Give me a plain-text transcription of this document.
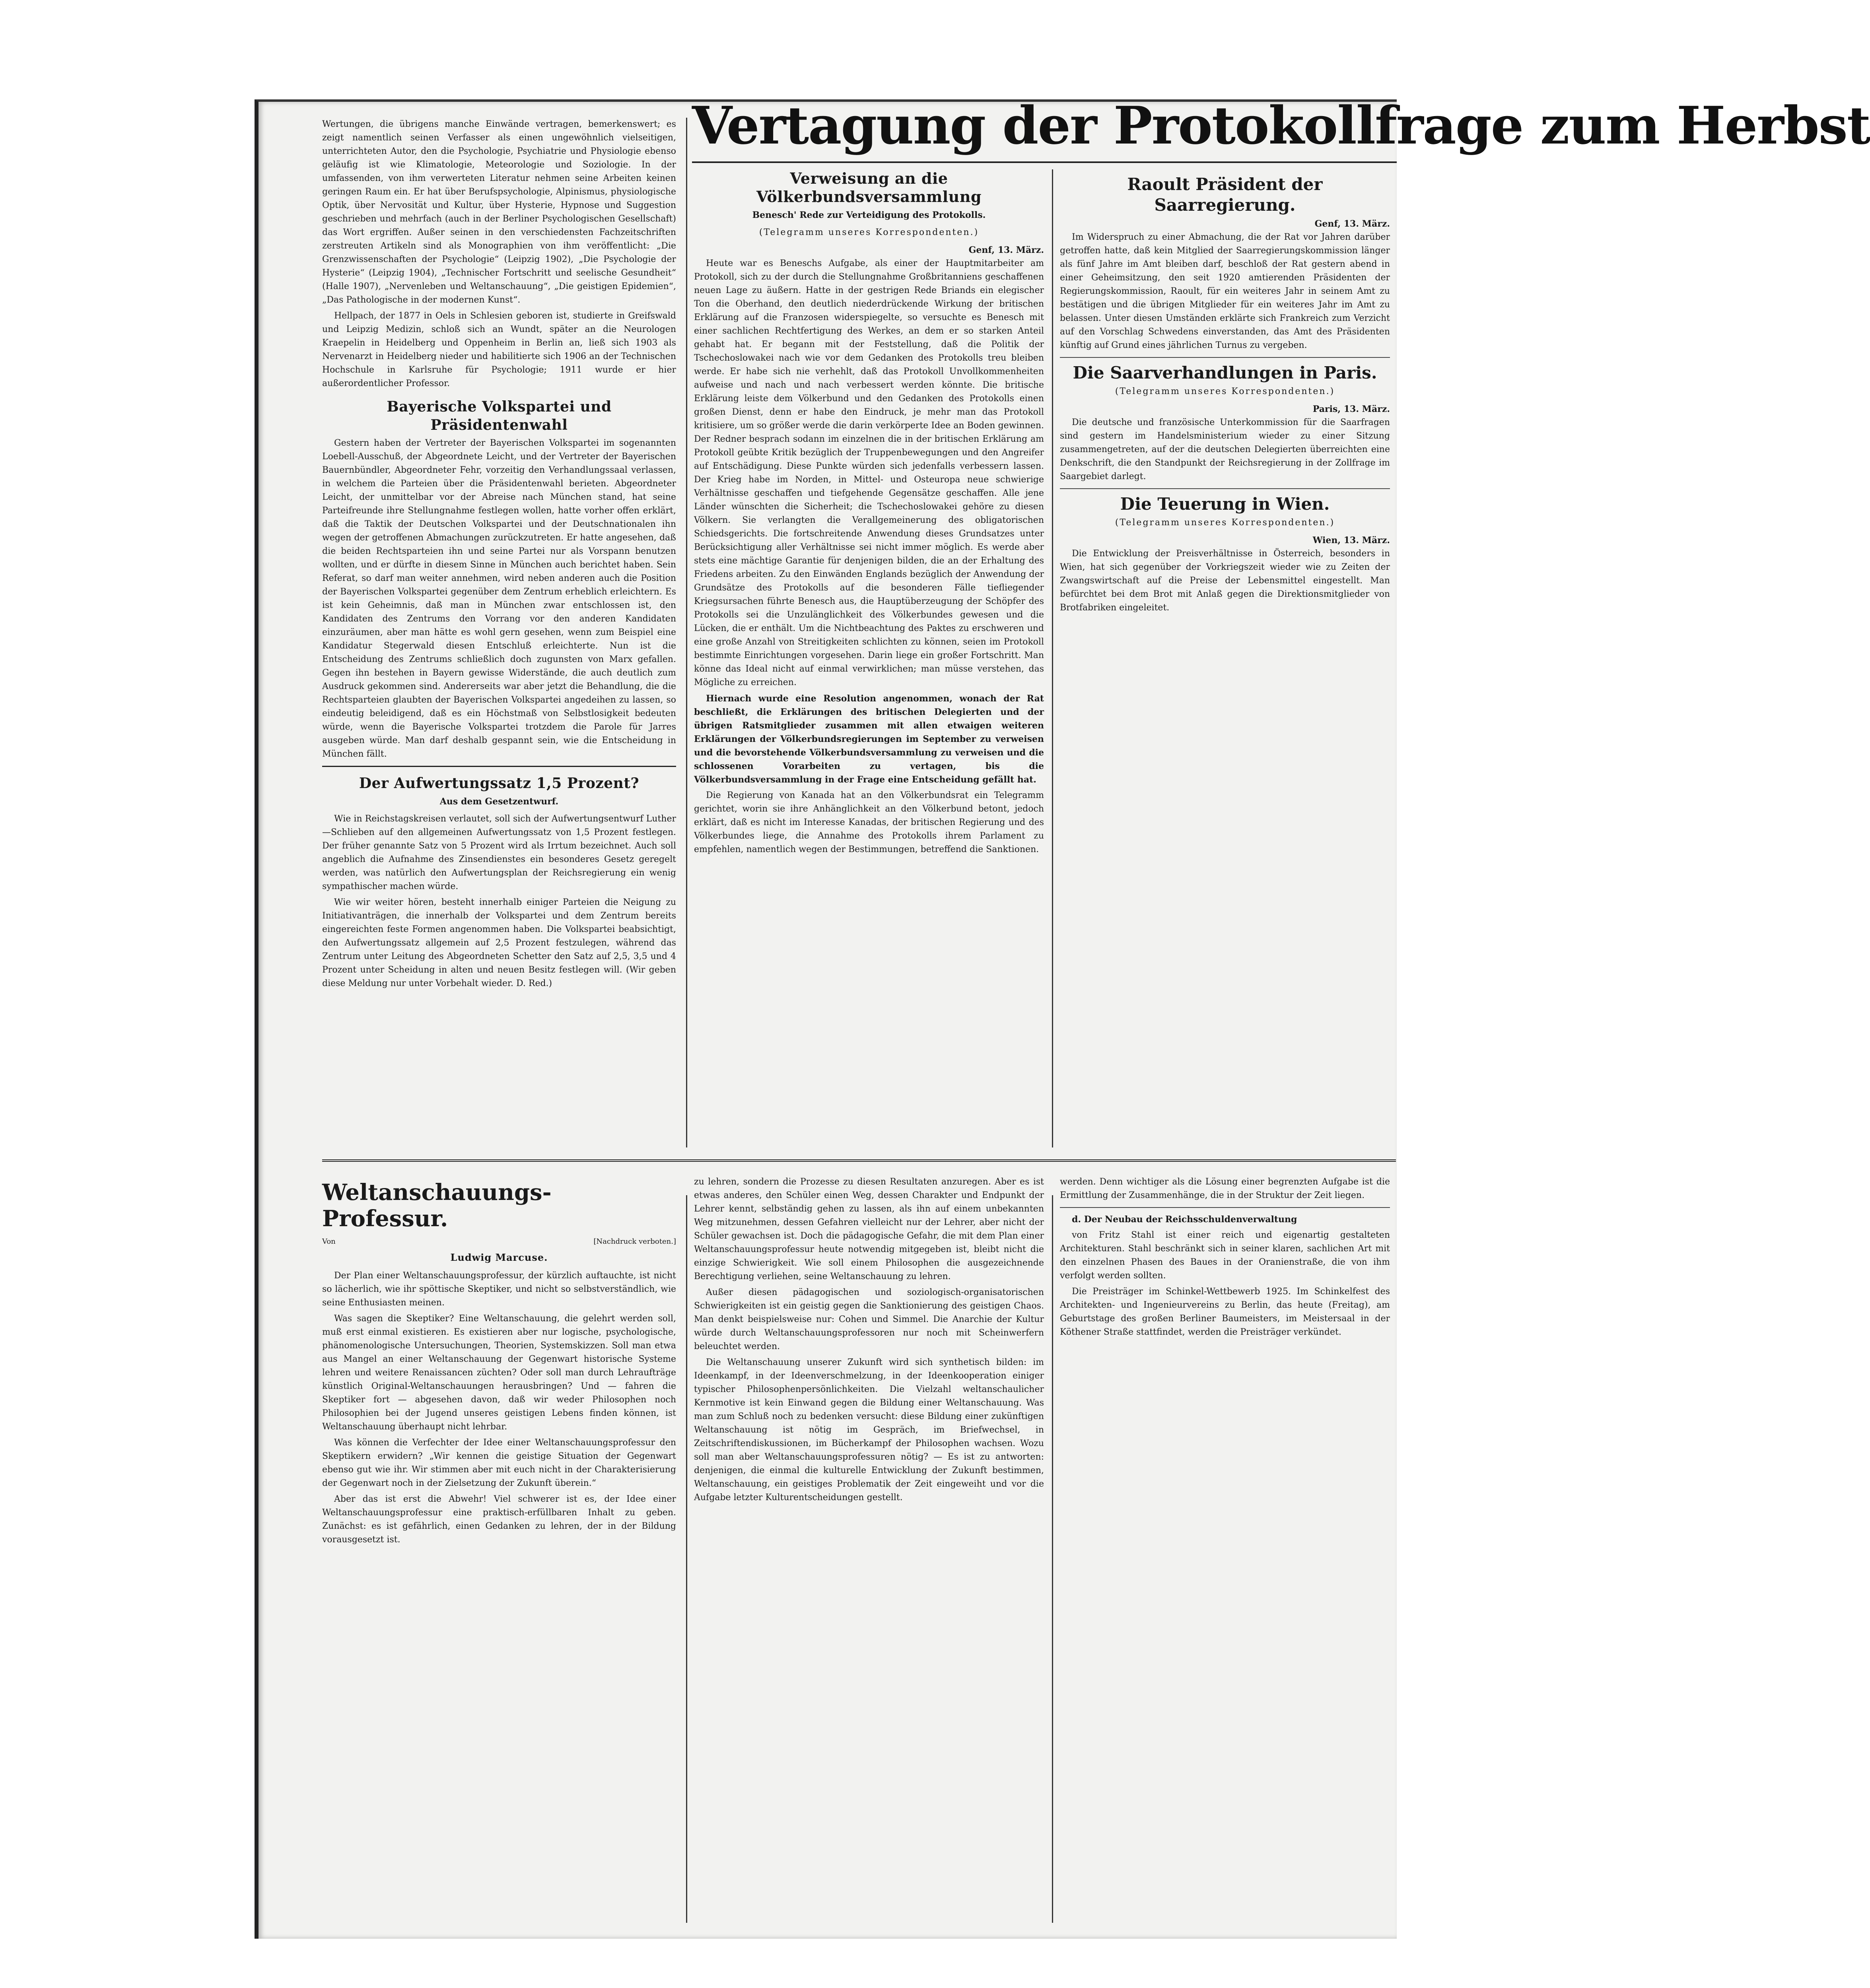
Vertagung der Protokollfrage zum Herbst

Wertungen, die übrigens manche Einwände vertragen, bemerkenswert; es zeigt namentlich seinen Verfasser als einen ungewöhnlich vielseitigen, unterrichteten Autor, den die Psychologie, Psychiatrie und Physiologie ebenso geläufig ist wie Klimatologie, Meteorologie und Soziologie. In der umfassenden, von ihm verwerteten Literatur nehmen seine Arbeiten keinen geringen Raum ein. Er hat über Berufspsychologie, Alpinismus, physiologische Optik, über Nervosität und Kultur, über Hysterie, Hypnose und Suggestion geschrieben und mehrfach (auch in der Berliner Psychologischen Gesellschaft) das Wort ergriffen. Außer seinen in den verschiedensten Fachzeitschriften zerstreuten Artikeln sind als Monographien von ihm veröffentlicht: „Die Grenzwissenschaften der Psychologie“ (Leipzig 1902), „Die Psychologie der Hysterie“ (Leipzig 1904), „Technischer Fortschritt und seelische Gesundheit“ (Halle 1907), „Nervenleben und Weltanschauung“, „Die geistigen Epidemien“, „Das Pathologische in der modernen Kunst“.

Hellpach, der 1877 in Oels in Schlesien geboren ist, studierte in Greifswald und Leipzig Medizin, schloß sich an Wundt, später an die Neurologen Kraepelin in Heidelberg und Oppenheim in Berlin an, ließ sich 1903 als Nervenarzt in Heidelberg nieder und habilitierte sich 1906 an der Technischen Hochschule in Karlsruhe für Psychologie; 1911 wurde er hier außerordentlicher Professor.

Bayerische Volkspartei und Präsidentenwahl

Gestern haben der Vertreter der Bayerischen Volkspartei im sogenannten Loebell-Ausschuß, der Abgeordnete Leicht, und der Vertreter der Bayerischen Bauernbündler, Abgeordneter Fehr, vorzeitig den Verhandlungssaal verlassen, in welchem die Parteien über die Präsidentenwahl berieten. Abgeordneter Leicht, der unmittelbar vor der Abreise nach München stand, hat seine Parteifreunde ihre Stellungnahme festlegen wollen, hatte vorher offen erklärt, daß die Taktik der Deutschen Volkspartei und der Deutschnationalen ihn wegen der getroffenen Abmachungen zurückzutreten. Er hatte angesehen, daß die beiden Rechtsparteien ihn und seine Partei nur als Vorspann benutzen wollten, und er dürfte in diesem Sinne in München auch berichtet haben. Sein Referat, so darf man weiter annehmen, wird neben anderen auch die Position der Bayerischen Volkspartei gegenüber dem Zentrum erheblich erleichtern. Es ist kein Geheimnis, daß man in München zwar entschlossen ist, den Kandidaten des Zentrums den Vorrang vor den anderen Kandidaten einzuräumen, aber man hätte es wohl gern gesehen, wenn zum Beispiel eine Kandidatur Stegerwald diesen Entschluß erleichterte. Nun ist die Entscheidung des Zentrums schließlich doch zugunsten von Marx gefallen. Gegen ihn bestehen in Bayern gewisse Widerstände, die auch deutlich zum Ausdruck gekommen sind. Andererseits war aber jetzt die Behandlung, die die Rechtsparteien glaubten der Bayerischen Volkspartei angedeihen zu lassen, so eindeutig beleidigend, daß es ein Höchstmaß von Selbstlosigkeit bedeuten würde, wenn die Bayerische Volkspartei trotzdem die Parole für Jarres ausgeben würde. Man darf deshalb gespannt sein, wie die Entscheidung in München fällt.

Der Aufwertungssatz 1,5 Prozent?
Aus dem Gesetzentwurf.

Wie in Reichstagskreisen verlautet, soll sich der Aufwertungsentwurf Luther—Schlieben auf den allgemeinen Aufwertungssatz von 1,5 Prozent festlegen. Der früher genannte Satz von 5 Prozent wird als Irrtum bezeichnet. Auch soll angeblich die Aufnahme des Zinsendienstes ein besonderes Gesetz geregelt werden, was natürlich den Aufwertungsplan der Reichsregierung ein wenig sympathischer machen würde.

Wie wir weiter hören, besteht innerhalb einiger Parteien die Neigung zu Initiativanträgen, die innerhalb der Volkspartei und dem Zentrum bereits eingereichten feste Formen angenommen haben. Die Volkspartei beabsichtigt, den Aufwertungssatz allgemein auf 2,5 Prozent festzulegen, während das Zentrum unter Leitung des Abgeordneten Schetter den Satz auf 2,5, 3,5 und 4 Prozent unter Scheidung in alten und neuen Besitz festlegen will. (Wir geben diese Meldung nur unter Vorbehalt wieder. D. Red.)

Verweisung an die Völkerbundsversammlung
Benesch' Rede zur Verteidigung des Protokolls.
(Telegramm unseres Korrespondenten.)
Genf, 13. März.

Heute war es Beneschs Aufgabe, als einer der Hauptmitarbeiter am Protokoll, sich zu der durch die Stellungnahme Großbritanniens geschaffenen neuen Lage zu äußern. Hatte in der gestrigen Rede Briands ein elegischer Ton die Oberhand, den deutlich niederdrückende Wirkung der britischen Erklärung auf die Franzosen widerspiegelte, so versuchte es Benesch mit einer sachlichen Rechtfertigung des Werkes, an dem er so starken Anteil gehabt hat. Er begann mit der Feststellung, daß die Politik der Tschechoslowakei nach wie vor dem Gedanken des Protokolls treu bleiben werde. Er habe sich nie verhehlt, daß das Protokoll Unvollkommenheiten aufweise und nach und nach verbessert werden könnte. Die britische Erklärung leiste dem Völkerbund und den Gedanken des Protokolls einen großen Dienst, denn er habe den Eindruck, je mehr man das Protokoll kritisiere, um so größer werde die darin verkörperte Idee an Boden gewinnen. Der Redner besprach sodann im einzelnen die in der britischen Erklärung am Protokoll geübte Kritik bezüglich der Truppenbewegungen und den Angreifer auf Entschädigung. Diese Punkte würden sich jedenfalls verbessern lassen. Der Krieg habe im Norden, in Mittel- und Osteuropa neue schwierige Verhältnisse geschaffen und tiefgehende Gegensätze geschaffen. Alle jene Länder wünschten die Sicherheit; die Tschechoslowakei gehöre zu diesen Völkern. Sie verlangten die Verallgemeinerung des obligatorischen Schiedsgerichts. Die fortschreitende Anwendung dieses Grundsatzes unter Berücksichtigung aller Verhältnisse sei nicht immer möglich. Es werde aber stets eine mächtige Garantie für denjenigen bilden, die an der Erhaltung des Friedens arbeiten. Zu den Einwänden Englands bezüglich der Anwendung der Grundsätze des Protokolls auf die besonderen Fälle tiefliegender Kriegsursachen führte Benesch aus, die Hauptüberzeugung der Schöpfer des Protokolls sei die Unzulänglichkeit des Völkerbundes gewesen und die Lücken, die er enthält. Um die Nichtbeachtung des Paktes zu erschweren und eine große Anzahl von Streitigkeiten schlichten zu können, seien im Protokoll bestimmte Einrichtungen vorgesehen. Darin liege ein großer Fortschritt. Man könne das Ideal nicht auf einmal verwirklichen; man müsse verstehen, das Mögliche zu erreichen.

Hiernach wurde eine Resolution angenommen, wonach der Rat beschließt, die Erklärungen des britischen Delegierten und der übrigen Ratsmitglieder zusammen mit allen etwaigen weiteren Erklärungen der Völkerbundsregierungen im September zu verweisen und die bevorstehende Völkerbundsversammlung zu verweisen und die schlossenen Vorarbeiten zu vertagen, bis die Völkerbundsversammlung in der Frage eine Entscheidung gefällt hat.

Die Regierung von Kanada hat an den Völkerbundsrat ein Telegramm gerichtet, worin sie ihre Anhänglichkeit an den Völkerbund betont, jedoch erklärt, daß es nicht im Interesse Kanadas, der britischen Regierung und des Völkerbundes liege, die Annahme des Protokolls ihrem Parlament zu empfehlen, namentlich wegen der Bestimmungen, betreffend die Sanktionen.

Raoult Präsident der Saarregierung.
Genf, 13. März.

Im Widerspruch zu einer Abmachung, die der Rat vor Jahren darüber getroffen hatte, daß kein Mitglied der Saarregierungskommission länger als fünf Jahre im Amt bleiben darf, beschloß der Rat gestern abend in einer Geheimsitzung, den seit 1920 amtierenden Präsidenten der Regierungskommission, Raoult, für ein weiteres Jahr in seinem Amt zu bestätigen und die übrigen Mitglieder für ein weiteres Jahr im Amt zu belassen. Unter diesen Umständen erklärte sich Frankreich zum Verzicht auf den Vorschlag Schwedens einverstanden, das Amt des Präsidenten künftig auf Grund eines jährlichen Turnus zu vergeben.

Die Saarverhandlungen in Paris.
(Telegramm unseres Korrespondenten.)
Paris, 13. März.

Die deutsche und französische Unterkommission für die Saarfragen sind gestern im Handelsministerium wieder zu einer Sitzung zusammengetreten, auf der die deutschen Delegierten überreichten eine Denkschrift, die den Standpunkt der Reichsregierung in der Zollfrage im Saargebiet darlegt.

Die Teuerung in Wien.
(Telegramm unseres Korrespondenten.)
Wien, 13. März.

Die Entwicklung der Preisverhältnisse in Österreich, besonders in Wien, hat sich gegenüber der Vorkriegszeit wieder wie zu Zeiten der Zwangswirtschaft auf die Preise der Lebensmittel eingestellt. Man befürchtet bei dem Brot mit Anlaß gegen die Direktionsmitglieder von Brotfabriken eingeleitet.

Weltanschauungs-Professur.
Von	[Nachdruck verboten.]
Ludwig Marcuse.

Der Plan einer Weltanschauungsprofessur, der kürzlich auftauchte, ist nicht so lächerlich, wie ihr spöttische Skeptiker, und nicht so selbstverständlich, wie seine Enthusiasten meinen.

Was sagen die Skeptiker? Eine Weltanschauung, die gelehrt werden soll, muß erst einmal existieren. Es existieren aber nur logische, psychologische, phänomenologische Untersuchungen, Theorien, Systemskizzen. Soll man etwa aus Mangel an einer Weltanschauung der Gegenwart historische Systeme lehren und weitere Renaissancen züchten? Oder soll man durch Lehraufträge künstlich Original-Weltanschauungen herausbringen? Und — fahren die Skeptiker fort — abgesehen davon, daß wir weder Philosophen noch Philosophien bei der Jugend unseres geistigen Lebens finden können, ist Weltanschauung überhaupt nicht lehrbar.

Was können die Verfechter der Idee einer Weltanschauungsprofessur den Skeptikern erwidern? „Wir kennen die geistige Situation der Gegenwart ebenso gut wie ihr. Wir stimmen aber mit euch nicht in der Charakterisierung der Gegenwart noch in der Zielsetzung der Zukunft überein.“

Aber das ist erst die Abwehr! Viel schwerer ist es, der Idee einer Weltanschauungsprofessur eine praktisch-erfüllbaren Inhalt zu geben. Zunächst: es ist gefährlich, einen Gedanken zu lehren, der in der Bildung vorausgesetzt ist.

zu lehren, sondern die Prozesse zu diesen Resultaten anzuregen. Aber es ist etwas anderes, den Schüler einen Weg, dessen Charakter und Endpunkt der Lehrer kennt, selbständig gehen zu lassen, als ihn auf einem unbekannten Weg mitzunehmen, dessen Gefahren vielleicht nur der Lehrer, aber nicht der Schüler gewachsen ist. Doch die pädagogische Gefahr, die mit dem Plan einer Weltanschauungsprofessur heute notwendig mitgegeben ist, bleibt nicht die einzige Schwierigkeit. Wie soll einem Philosophen die ausgezeichnende Berechtigung verliehen, seine Weltanschauung zu lehren.

Außer diesen pädagogischen und soziologisch-organisatorischen Schwierigkeiten ist ein geistig gegen die Sanktionierung des geistigen Chaos. Man denkt beispielsweise nur: Cohen und Simmel. Die Anarchie der Kultur würde durch Weltanschauungsprofessoren nur noch mit Scheinwerfern beleuchtet werden.

Die Weltanschauung unserer Zukunft wird sich synthetisch bilden: im Ideenkampf, in der Ideenverschmelzung, in der Ideenkooperation einiger typischer Philosophenpersönlichkeiten. Die Vielzahl weltanschaulicher Kernmotive ist kein Einwand gegen die Bildung einer Weltanschauung. Was man zum Schluß noch zu bedenken versucht: diese Bildung einer zukünftigen Weltanschauung ist nötig im Gespräch, im Briefwechsel, in Zeitschriftendiskussionen, im Bücherkampf der Philosophen wachsen. Wozu soll man aber Weltanschauungsprofessuren nötig? — Es ist zu antworten: denjenigen, die einmal die kulturelle Entwicklung der Zukunft bestimmen, Weltanschauung, ein geistiges Problematik der Zeit eingeweiht und vor die Aufgabe letzter Kulturentscheidungen gestellt.

werden. Denn wichtiger als die Lösung einer begrenzten Aufgabe ist die Ermittlung der Zusammenhänge, die in der Struktur der Zeit liegen.

d. Der Neubau der Reichsschuldenverwaltung

von Fritz Stahl ist einer reich und eigenartig gestalteten Architekturen. Stahl beschränkt sich in seiner klaren, sachlichen Art mit den einzelnen Phasen des Baues in der Oranienstraße, die von ihm verfolgt werden sollten.

Die Preisträger im Schinkel-Wettbewerb 1925. Im Schinkelfest des Architekten- und Ingenieurvereins zu Berlin, das heute (Freitag), am Geburtstage des großen Berliner Baumeisters, im Meistersaal in der Köthener Straße stattfindet, werden die Preisträger verkündet.
